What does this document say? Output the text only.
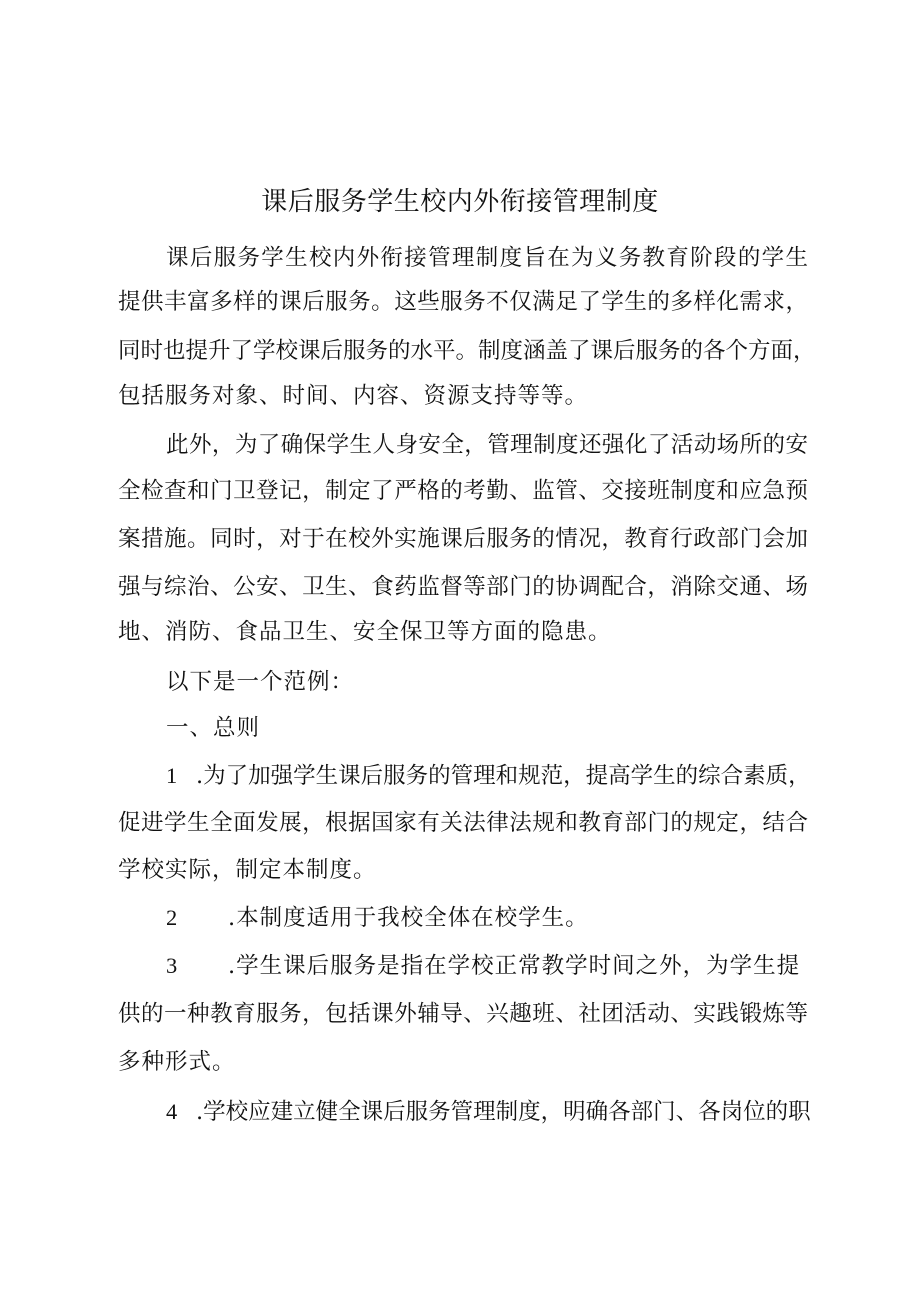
课后服务学生校内外衔接管理制度
课后服务学生校内外衔接管理制度旨在为义务教育阶段的学生
提供丰富多样的课后服务。这些服务不仅满足了学生的多样化需求，
同时也提升了学校课后服务的水平。制度涵盖了课后服务的各个方面，
包括服务对象、时间、内容、资源支持等等。
此外，为了确保学生人身安全，管理制度还强化了活动场所的安
全检查和门卫登记，制定了严格的考勤、监管、交接班制度和应急预
案措施。同时，对于在校外实施课后服务的情况，教育行政部门会加
强与综治、公安、卫生、食药监督等部门的协调配合，消除交通、场
地、消防、食品卫生、安全保卫等方面的隐患。
以下是一个范例：
一、总则
1 .为了加强学生课后服务的管理和规范，提高学生的综合素质，
促进学生全面发展，根据国家有关法律法规和教育部门的规定，结合
学校实际，制定本制度。
2 .本制度适用于我校全体在校学生。
3 .学生课后服务是指在学校正常教学时间之外，为学生提
供的一种教育服务，包括课外辅导、兴趣班、社团活动、实践锻炼等
多种形式。
4 .学校应建立健全课后服务管理制度，明确各部门、各岗位的职
